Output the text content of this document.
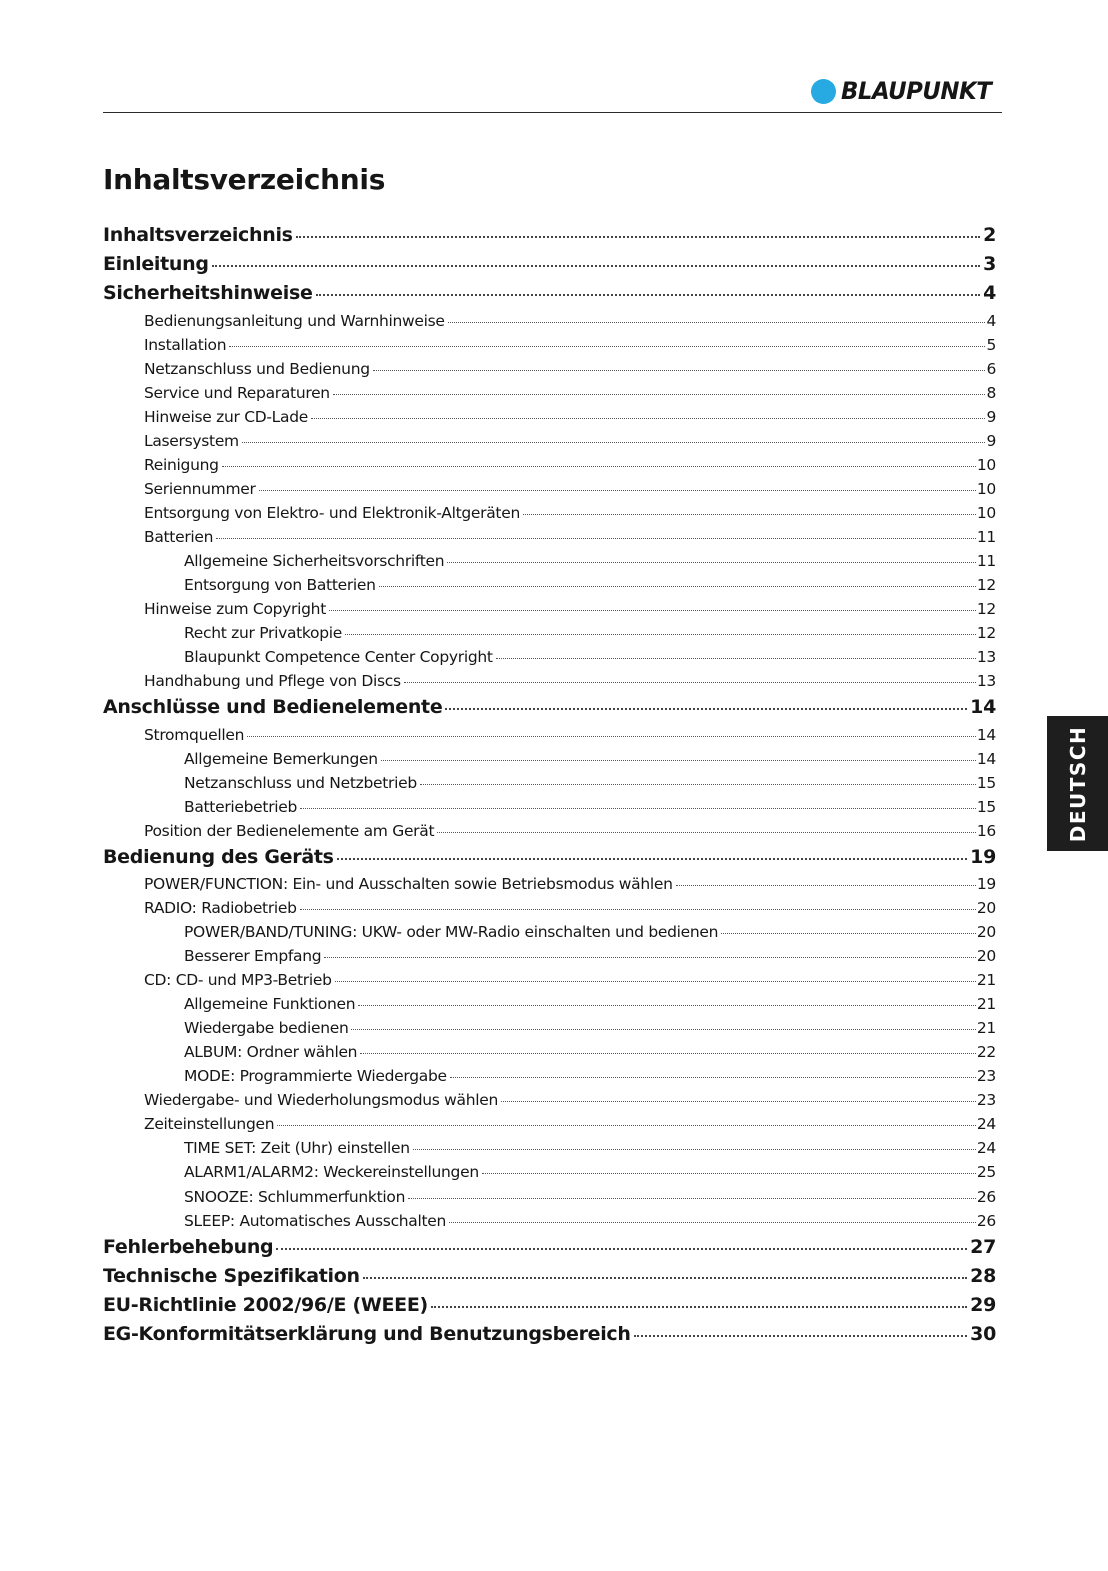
BLAUPUNKT
Inhaltsverzeichnis
Inhaltsverzeichnis	2
Einleitung	3
Sicherheitshinweise	4
Bedienungsanleitung und Warnhinweise	4
Installation	5
Netzanschluss und Bedienung	6
Service und Reparaturen	8
Hinweise zur CD-Lade	9
Lasersystem	9
Reinigung	10
Seriennummer	10
Entsorgung von Elektro- und Elektronik-Altgeräten	10
Batterien	11
Allgemeine Sicherheitsvorschriften	11
Entsorgung von Batterien	12
Hinweise zum Copyright	12
Recht zur Privatkopie	12
Blaupunkt Competence Center Copyright	13
Handhabung und Pflege von Discs	13
Anschlüsse und Bedienelemente	14
Stromquellen	14
Allgemeine Bemerkungen	14
Netzanschluss und Netzbetrieb	15
Batteriebetrieb	15
Position der Bedienelemente am Gerät	16
Bedienung des Geräts	19
POWER/FUNCTION: Ein- und Ausschalten sowie Betriebsmodus wählen	19
RADIO: Radiobetrieb	20
POWER/BAND/TUNING: UKW- oder MW-Radio einschalten und bedienen	20
Besserer Empfang	20
CD: CD- und MP3-Betrieb	21
Allgemeine Funktionen	21
Wiedergabe bedienen	21
ALBUM: Ordner wählen	22
MODE: Programmierte Wiedergabe	23
Wiedergabe- und Wiederholungsmodus wählen	23
Zeiteinstellungen	24
TIME SET: Zeit (Uhr) einstellen	24
ALARM1/ALARM2: Weckereinstellungen	25
SNOOZE: Schlummerfunktion	26
SLEEP: Automatisches Ausschalten	26
Fehlerbehebung	27
Technische Spezifikation	28
EU-Richtlinie 2002/96/E (WEEE)	29
EG-Konformitätserklärung und Benutzungsbereich	30
DEUTSCH
